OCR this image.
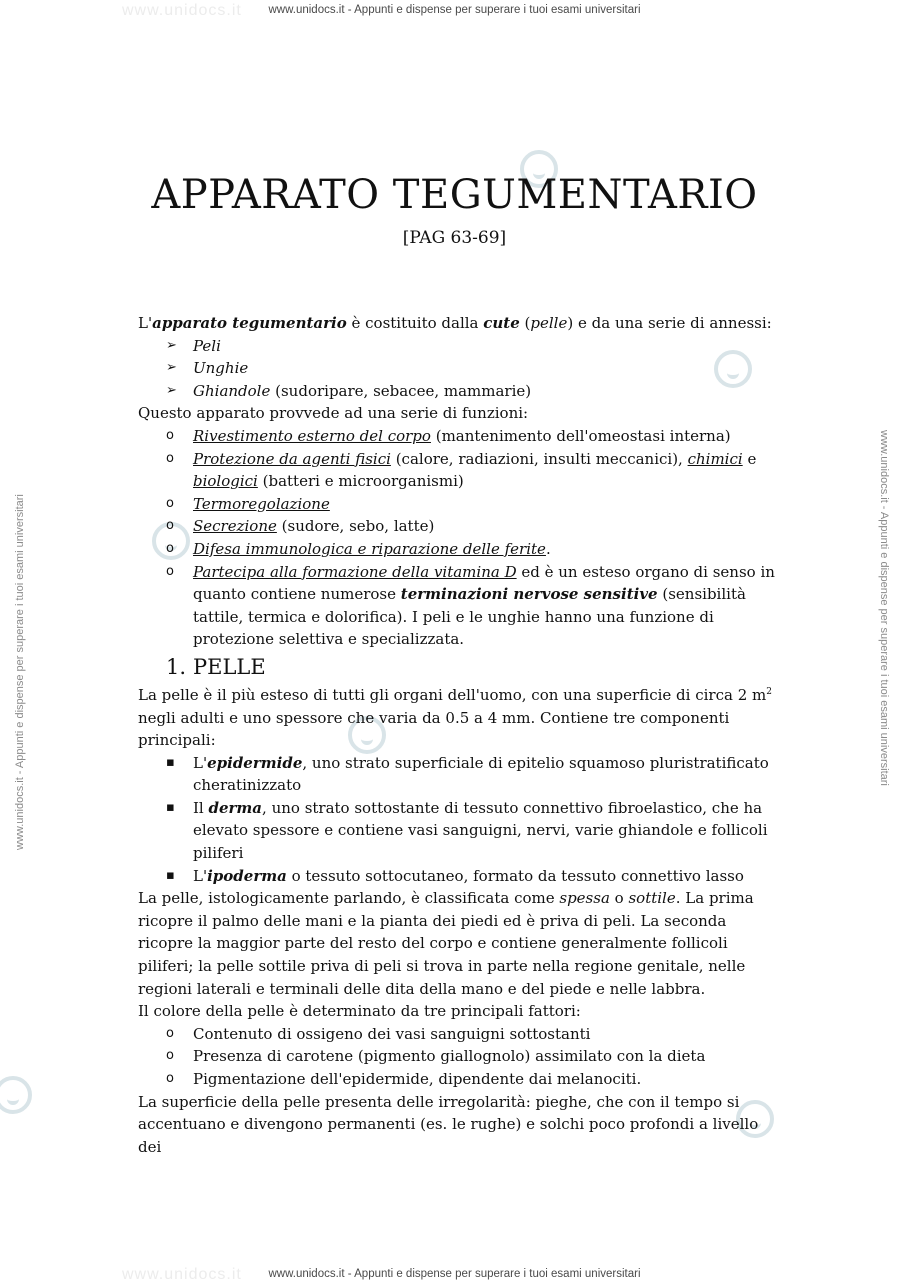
www.unidocs.it
www.unidocs.it
www.unidocs.it - Appunti e dispense per superare i tuoi esami universitari
www.unidocs.it - Appunti e dispense per superare i tuoi esami universitari
www.unidocs.it - Appunti e dispense per superare i tuoi esami universitari	www.unidocs.it - Appunti e dispense per superare i tuoi esami universitari
APPARATO TEGUMENTARIO
[PAG 63-69]

L'apparato tegumentario è costituito dalla cute (pelle) e da una serie di annessi:

➢ Peli
➢ Unghie
➢ Ghiandole (sudoripare, sebacee, mammarie)

Questo apparato provvede ad una serie di funzioni:

o Rivestimento esterno del corpo (mantenimento dell'omeostasi interna)
o Protezione da agenti fisici (calore, radiazioni, insulti meccanici), chimici e biologici (batteri e microorganismi)
o Termoregolazione
o Secrezione (sudore, sebo, latte)
o Difesa immunologica e riparazione delle ferite.
o Partecipa alla formazione della vitamina D ed è un esteso organo di senso in quanto contiene numerose terminazioni nervose sensitive (sensibilità tattile, termica e dolorifica). I peli e le unghie hanno una funzione di protezione selettiva e specializzata.
1. PELLE

La pelle è il più esteso di tutti gli organi dell'uomo, con una superficie di circa 2 $m^2$ negli adulti e uno spessore che varia da 0.5 a 4 mm. Contiene tre componenti principali:

▪ L'epidermide, uno strato superficiale di epitelio squamoso pluristratificato cheratinizzato
▪ Il derma, uno strato sottostante di tessuto connettivo fibroelastico, che ha elevato spessore e contiene vasi sanguigni, nervi, varie ghiandole e follicoli piliferi
▪ L'ipoderma o tessuto sottocutaneo, formato da tessuto connettivo lasso

La pelle, istologicamente parlando, è classificata come spessa o sottile. La prima ricopre il palmo delle mani e la pianta dei piedi ed è priva di peli. La seconda ricopre la maggior parte del resto del corpo e contiene generalmente follicoli piliferi; la pelle sottile priva di peli si trova in parte nella regione genitale, nelle regioni laterali e terminali delle dita della mano e del piede e nelle labbra.

Il colore della pelle è determinato da tre principali fattori:

o Contenuto di ossigeno dei vasi sanguigni sottostanti
o Presenza di carotene (pigmento giallognolo) assimilato con la dieta
o Pigmentazione dell'epidermide, dipendente dai melanociti.

La superficie della pelle presenta delle irregolarità: pieghe, che con il tempo si accentuano e divengono permanenti (es. le rughe) e solchi poco profondi a livello dei
